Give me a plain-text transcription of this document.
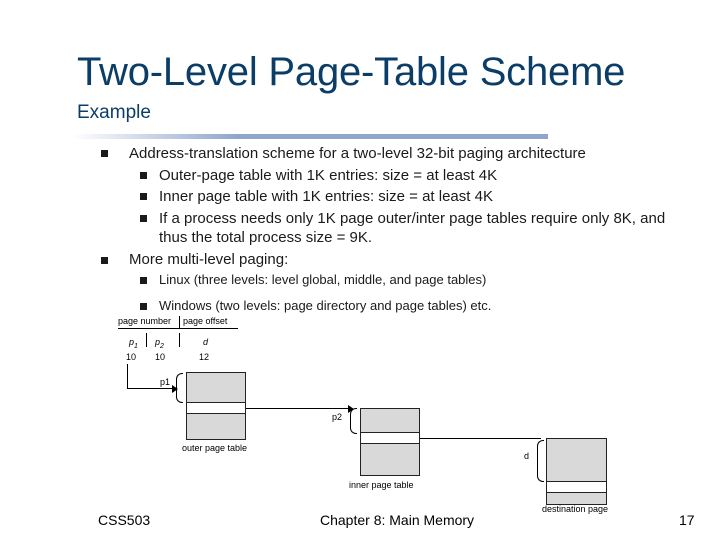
Two-Level Page-Table Scheme
Example
Address-translation scheme for a two-level 32-bit paging architecture
Outer-page table with 1K entries: size = at least 4K
Inner page table with 1K entries: size = at least 4K
If a process needs only 1K page outer/inter page tables require only 8K, and
thus the total process size = 9K.
More multi-level paging:
Linux (three levels: level global, middle, and page tables)
Windows (two levels: page directory and page tables) etc.
page number page offset
$p_1$ $p_2$	d
10 10	12
p1
outer page table
p2
inner page table
d
destination page
CSS503	Chapter 8: Main Memory	17
